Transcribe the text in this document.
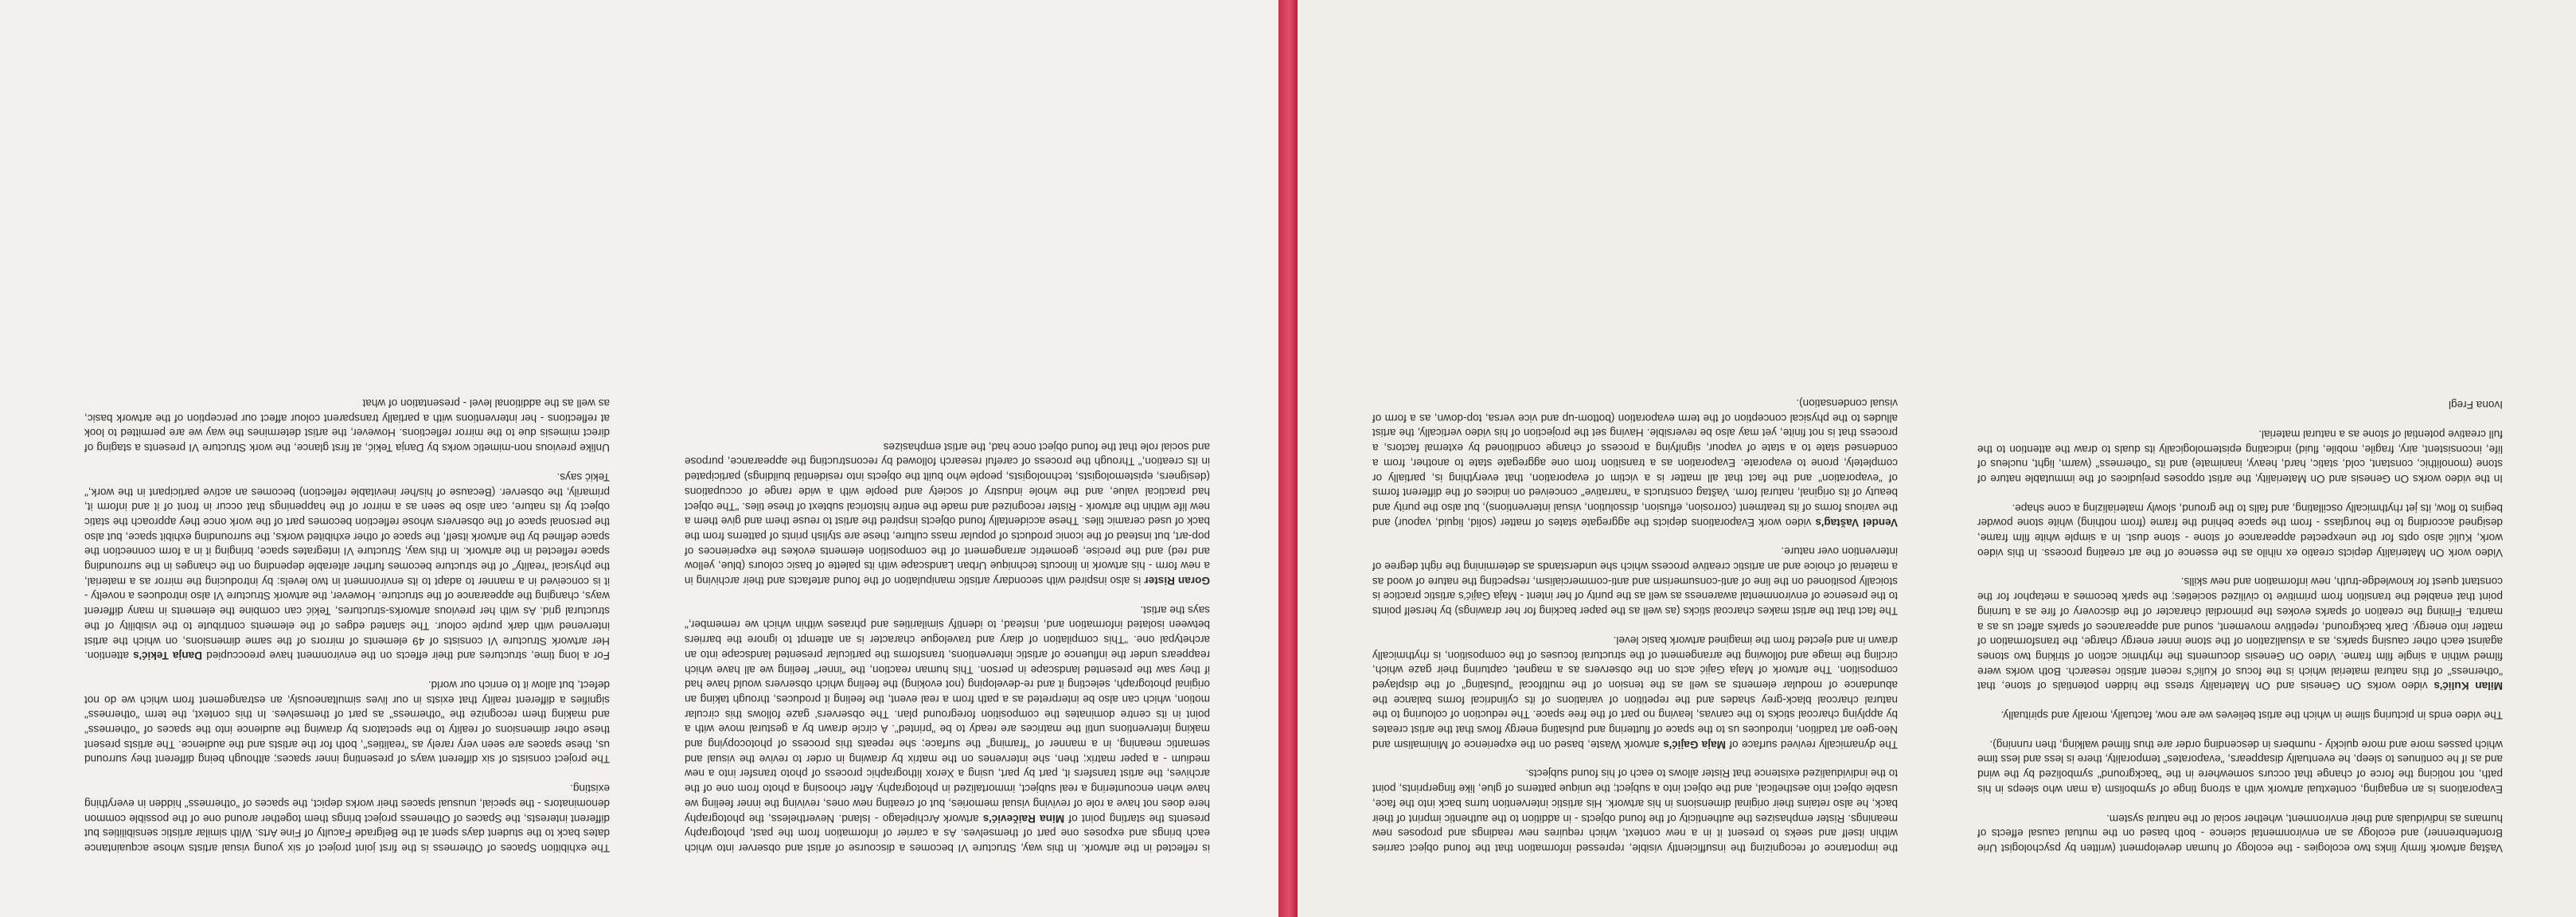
The exhibition Spaces of Otherness is the first joint project of six young visual artists whose acquaintance dates back to the student days spent at the Belgrade Faculty of Fine Arts. With similar artistic sensibilities but different interests, the Spaces of Otherness project brings them together around one of the possible common denominators - the special, unusual spaces their works depict, the spaces of "otherness" hidden in everything existing.

The project consists of six different ways of presenting inner spaces; although being different they surround us, these spaces are seen very rarely as "realities", both for the artists and the audience. The artists present these other dimensions of reality to the spectators by drawing the audience into the spaces of "otherness" and making them recognize the "otherness" as part of themselves. In this context, the term "otherness" signifies a different reality that exists in our lives simultaneously, an estrangement from which we do not defect, but allow it to enrich our world.

For a long time, structures and their effects on the environment have preoccupied Danja Tekić's attention. Her artwork Structure VI consists of 49 elements of mirrors of the same dimensions, on which the artist intervened with dark purple colour. The slanted edges of the elements contribute to the visibility of the structural grid. As with her previous artworks-structures, Tekić can combine the elements in many different ways, changing the appearance of the structure. However, the artwork Structure VI also introduces a novelty - it is conceived in a manner to adapt to its environment in two levels: by introducing the mirror as a material, the physical "reality" of the structure becomes further alterable depending on the changes in the surrounding space reflected in the artwork. In this way, Structure VI integrates space, bringing it in a form connection the space defined by the artwork itself, the space of other exhibited works, the surrounding exhibit space, but also the personal space of the observers whose reflection becomes part of the work once they approach the static object by its nature, can also be seen as a mirror of the happenings that occur in front of it and inform it, primarily, the observer. (Because of his/her inevitable reflection) becomes an active participant in the work," Tekić says.

Unlike previous non-mimetic works by Danja Tekić, at first glance, the work Structure VI presents a staging of direct mimesis due to the mirror reflections. However, the artist determines the way we are permitted to look at reflections - her interventions with a partially transparent colour affect our perception of the artwork basic, as well as the additional level - presentation of what

is reflected in the artwork. In this way, Structure VI becomes a discourse of artist and observer into which each brings and exposes one part of themselves. As a carrier of information from the past, photography presents the starting point of Mina Raičević's artwork Archipelago - Island. Nevertheless, the photography here does not have a role of reviving visual memories, but of creating new ones, reviving the inner feeling we have when encountering a real subject, immortalized in photography. After choosing a photo from one of the archives, the artist transfers it, part by part, using a Xerox lithographic process of photo transfer into a new medium - a paper matrix; then, she intervenes on the matrix by drawing in order to revive the visual and semantic meaning, in a manner of "framing" the surface; she repeats this process of photocopying and making interventions until the matrices are ready to be "printed". A circle drawn by a gestural move with a point in its centre dominates the composition foreground plan. The observers' gaze follows this circular motion, which can also be interpreted as a path from a real event, the feeling it produces, through taking an original photograph, selecting it and re-developing (not evoking) the feeling which observers would have had if they saw the presented landscape in person. This human reaction, the "inner" feeling we all have which reappears under the influence of artistic interventions, transforms the particular presented landscape into an archetypal one. "This compilation of diary and travelogue character is an attempt to ignore the barriers between isolated information and, instead, to identify similarities and phrases within which we remember," says the artist.

Goran Rister is also inspired with secondary artistic manipulation of the found artefacts and their archiving in a new form - his artwork in linocuts technique Urban Landscape with its palette of basic colours (blue, yellow and red) and the precise, geometric arrangement of the composition elements evokes the experiences of pop-art, but instead of the iconic products of popular mass culture, these are stylish prints of patterns from the back of used ceramic tiles. These accidentally found objects inspired the artist to reuse them and give them a new life within the artwork - Rister recognized and made the entire historical subtext of these tiles. "The object had practical value, and the whole industry of society and people with a wide range of occupations (designers, epistemologists, technologists, people who built the objects into residential buildings) participated in its creation," Through the process of careful research followed by reconstructing the appearance, purpose and social role that the found object once had, the artist emphasizes

the importance of recognizing the insufficiently visible, repressed information that the found object carries within itself and seeks to present it in a new context, which requires new readings and proposes new meanings. Rister emphasizes the authenticity of the found objects - in addition to the authentic imprint of their back, he also retains their original dimensions in his artwork. His artistic intervention turns back into the face, usable object into aesthetical, and the object into a subject; the unique patterns of glue, like fingerprints, point to the individualized existence that Rister allows to each of his found subjects.

The dynamically revived surface of Maja Gajić's artwork Waste, based on the experience of Minimalism and Neo-geo art tradition, introduces us to the space of fluttering and pulsating energy flows that the artist creates by applying charcoal sticks to the canvas, leaving no part of the free space. The reduction of colouring to the natural charcoal black-grey shades and the repetition of variations of its cylindrical forms balance the abundance of modular elements as well as the tension of the multifocal "pulsating" of the displayed composition. The artwork of Maja Gajić acts on the observers as a magnet, capturing their gaze which, circling the image and following the arrangement of the structural focuses of the composition, is rhythmically drawn in and ejected from the imagined artwork basic level.

The fact that the artist makes charcoal sticks (as well as the paper backing for her drawings) by herself points to the presence of environmental awareness as well as the purity of her intent - Maja Gajić's artistic practice is stoically positioned on the line of anti-consumerism and anti-commercialism, respecting the nature of wood as a material of choice and an artistic creative process which she understands as determining the right degree of intervention over nature.

Vendel Vaštag's video work Evaporations depicts the aggregate states of matter (solid, liquid, vapour) and the various forms of its treatment (corrosion, effusion, dissolution, visual interventions), but also the purity and beauty of its original, natural form. Vaštag constructs a "narrative" conceived on indices of the different forms of "evaporation" and the fact that all matter is a victim of evaporation, that everything is, partially or completely, prone to evaporate. Evaporation as a transition from one aggregate state to another, from a condensed state to a state of vapour, signifying a process of change conditioned by external factors, a process that is not finite, yet may also be reversible. Having set the projection of his video vertically, the artist alludes to the physical conception of the term evaporation (bottom-up and vice versa, top-down, as a form of visual condensation).

Vaštag artwork firmly links two ecologies - the ecology of human development (written by psychologist Urie Bronfenbrenner) and ecology as an environmental science - both based on the mutual causal effects of humans as individuals and their environment, whether social or the natural system.

Evaporations is an engaging, contextual artwork with a strong tinge of symbolism (a man who sleeps in his path, not noticing the force of change that occurs somewhere in the "background" symbolized by the wind and as if he continues to sleep, he eventually disappears, "evaporates" temporality, there is less and less time which passes more and more quickly - numbers in descending order are thus filmed walking, then running).

The video ends in picturing slime in which the artist believes we are now, factually, morally and spiritually.

Milan Kulić's video works On Genesis and On Materiality stress the hidden potentials of stone, that "otherness" of this natural material which is the focus of Kulić's recent artistic research. Both works were filmed within a single film frame. Video On Genesis documents the rhythmic action of striking two stones against each other causing sparks, as a visualization of the stone inner energy charge, the transformation of matter into energy. Dark background, repetitive movement, sound and appearances of sparks affect us as a mantra. Filming the creation of sparks evokes the primordial character of the discovery of fire as a turning point that enabled the transition from primitive to civilized societies; the spark becomes a metaphor for the constant quest for knowledge-truth, new information and new skills.

Video work On Materiality depicts creatio ex nihilo as the essence of the art creating process. In this video work, Kulić also opts for the unexpected appearance of stone - stone dust. In a simple white film frame, designed according to the hourglass - from the space behind the frame (from nothing) white stone powder begins to flow, its jet rhythmically oscillating, and falls to the ground, slowly materializing a cone shape.

In the video works On Genesis and On Materiality, the artist opposes prejudices of the immutable nature of stone (monolithic, constant, cold, static, hard, heavy, inanimate) and its "otherness" (warm, light, nucleus of life, inconsistent, airy, fragile, mobile, fluid) indicating epistemologically its duals to draw the attention to the full creative potential of stone as a natural material.

Ivona Fregl
